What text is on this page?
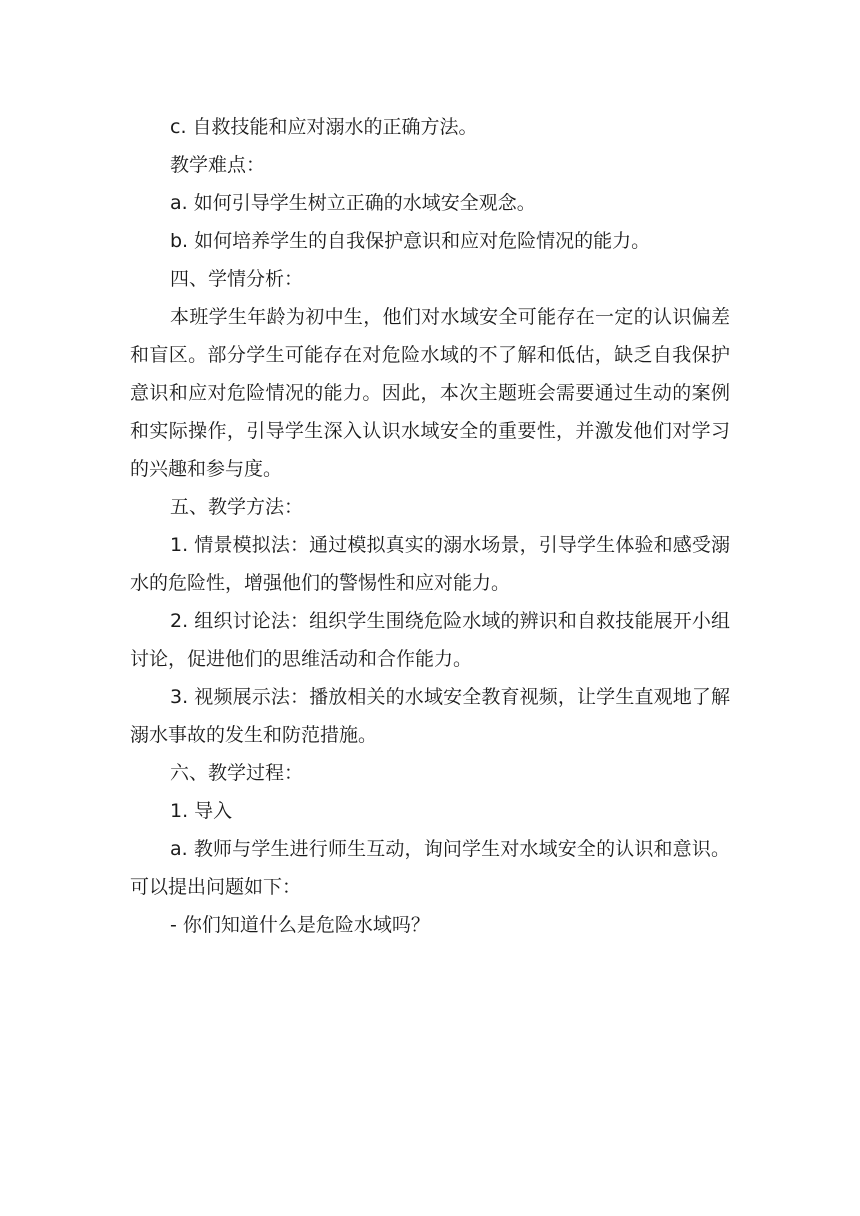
c. 自救技能和应对溺水的正确方法。

教学难点：

a. 如何引导学生树立正确的水域安全观念。

b. 如何培养学生的自我保护意识和应对危险情况的能力。

四、学情分析：

本班学生年龄为初中生，他们对水域安全可能存在一定的认识偏差和盲区。部分学生可能存在对危险水域的不了解和低估，缺乏自我保护意识和应对危险情况的能力。因此，本次主题班会需要通过生动的案例和实际操作，引导学生深入认识水域安全的重要性，并激发他们对学习的兴趣和参与度。

五、教学方法：

1. 情景模拟法：通过模拟真实的溺水场景，引导学生体验和感受溺水的危险性，增强他们的警惕性和应对能力。

2. 组织讨论法：组织学生围绕危险水域的辨识和自救技能展开小组讨论，促进他们的思维活动和合作能力。

3. 视频展示法：播放相关的水域安全教育视频，让学生直观地了解溺水事故的发生和防范措施。

六、教学过程：

1. 导入

a. 教师与学生进行师生互动，询问学生对水域安全的认识和意识。可以提出问题如下：

- 你们知道什么是危险水域吗？
